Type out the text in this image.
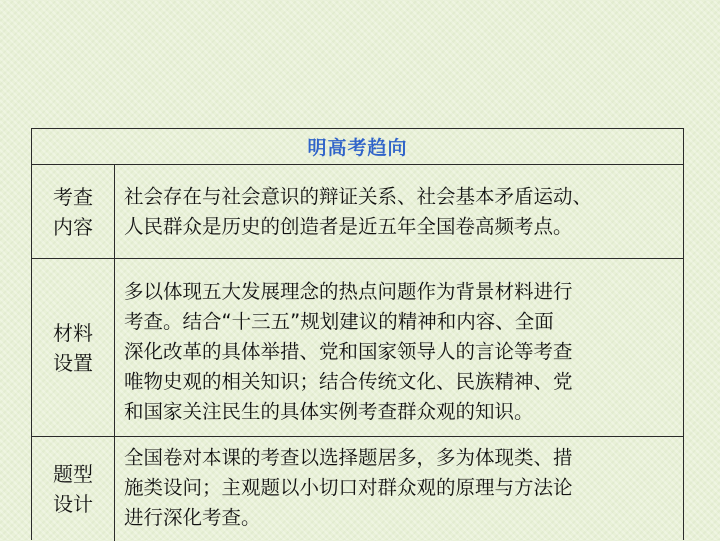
明高考趋向
考查
内容
社会存在与社会意识的辩证关系、社会基本矛盾运动、
人民群众是历史的创造者是近五年全国卷高频考点。
材料
设置
多以体现五大发展理念的热点问题作为背景材料进行
考查。结合“十三五”规划建议的精神和内容、全面
深化改革的具体举措、党和国家领导人的言论等考查
唯物史观的相关知识；结合传统文化、民族精神、党
和国家关注民生的具体实例考查群众观的知识。
题型
设计
全国卷对本课的考查以选择题居多，多为体现类、措
施类设问；主观题以小切口对群众观的原理与方法论
进行深化考查。
